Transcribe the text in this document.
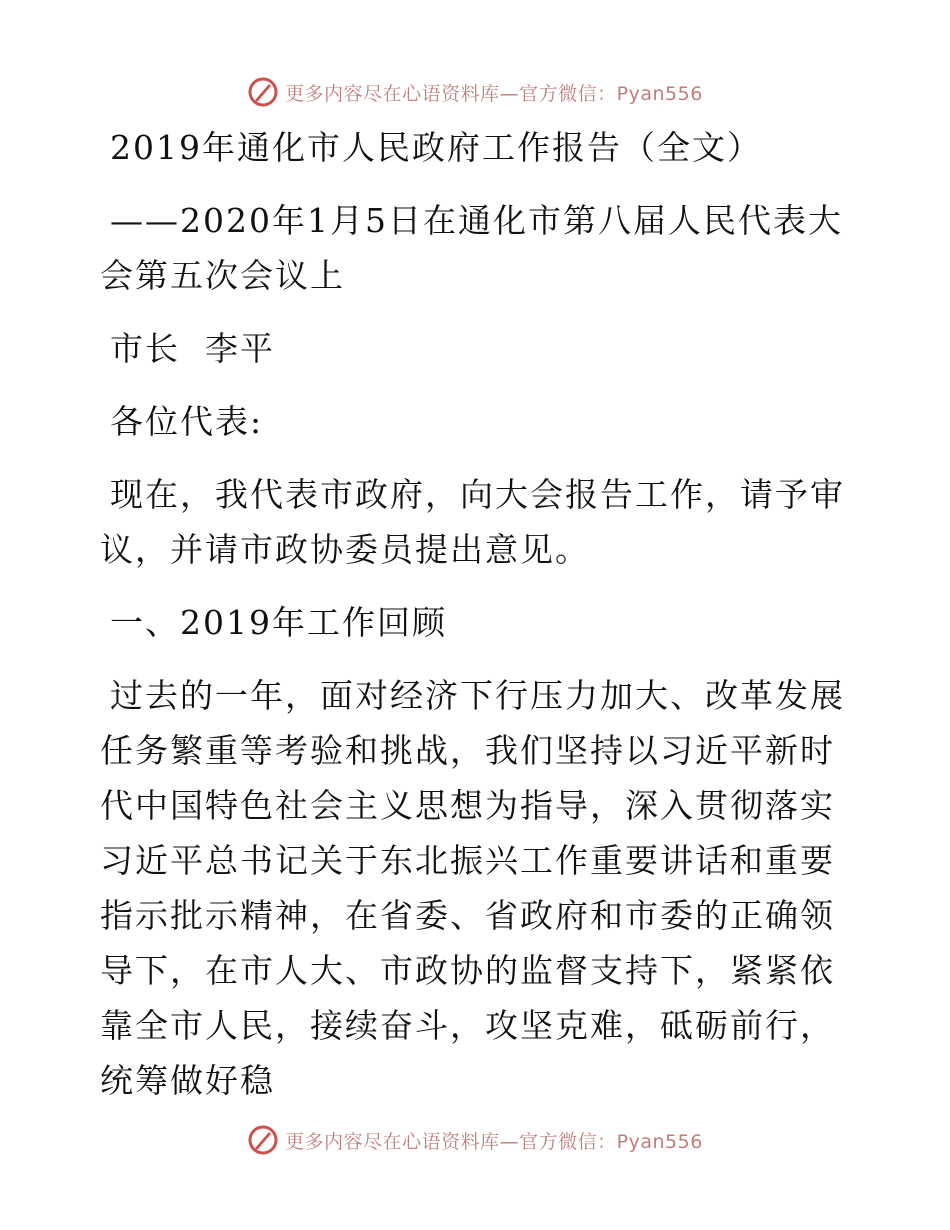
更多内容尽在心语资料库—官方微信：Pyan556

2019年通化市人民政府工作报告（全文）

——2020年1月5日在通化市第八届人民代表大会第五次会议上

市长  李平

各位代表:

现在，我代表市政府，向大会报告工作，请予审议，并请市政协委员提出意见。

一、2019年工作回顾

过去的一年，面对经济下行压力加大、改革发展任务繁重等考验和挑战，我们坚持以习近平新时代中国特色社会主义思想为指导，深入贯彻落实习近平总书记关于东北振兴工作重要讲话和重要指示批示精神，在省委、省政府和市委的正确领导下，在市人大、市政协的监督支持下，紧紧依靠全市人民，接续奋斗，攻坚克难，砥砺前行，统筹做好稳

更多内容尽在心语资料库—官方微信：Pyan556
